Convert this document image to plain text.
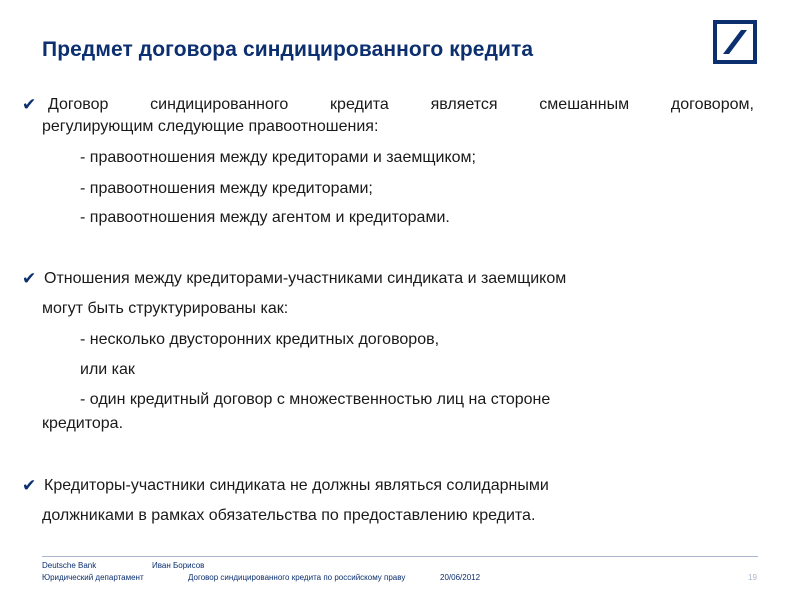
Предмет договора синдицированного кредита
✔ Договор	синдицированного	кредита	является	смешанным	договором,
регулирующим следующие правоотношения:
- правоотношения между кредиторами и заемщиком;
- правоотношения между кредиторами;
- правоотношения между агентом и кредиторами.
✔ Отношения между кредиторами-участниками синдиката и заемщиком
могут быть структурированы как:
- несколько двусторонних кредитных договоров,
или как
- один кредитный договор с множественностью лиц на стороне
кредитора.
✔ Кредиторы-участники синдиката не должны являться солидарными
должниками в рамках обязательства по предоставлению кредита.
Deutsche Bank	Иван Борисов
Юридический департамент	Договор синдицированного кредита по российскому праву	20/06/2012	19
